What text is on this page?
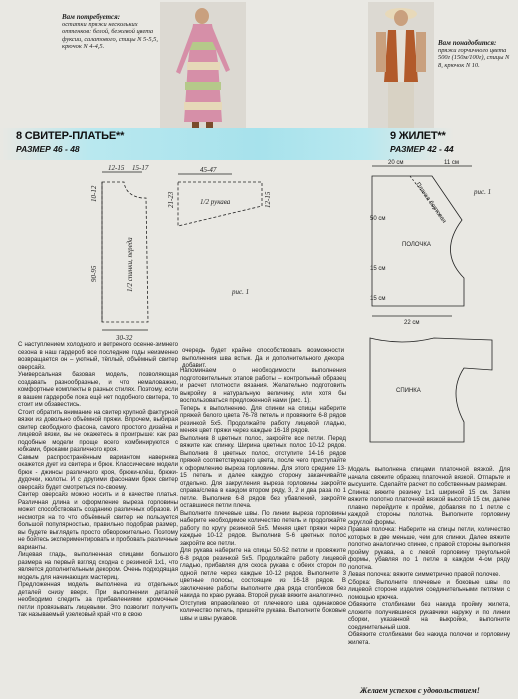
Вам потребуется:
остатки пряжи нескольких оттенков: белой, бежевой цвета фуксии, салатового, спицы N 5-5,5, крючок N 4-4,5.	Вам понадобится:
пряжи горчичного цвета 500г (150м/100г), спицы N 8, крючок N 10.
8 СВИТЕР-ПЛАТЬЕ**
РАЗМЕР 46 - 48
9 ЖИЛЕТ**
РАЗМЕР 42 - 44
12-15 15-17
10-12
90-95
30-32
21-23
45-47
12-15
1/2 спинки, переда
1/2 рукава
рис. 1
20 см	11 см
50 см
15 см
15 см
22 см
ПОЛОЧКА
Планка бортовая	рис. 1
СПИНКА

С наступлением холодного и ветреного осенне-зимнего сезона в наш гардероб все последние годы неизменно возвращается он – уютный, тёплый, объёмный свитер оверсайз.

Универсальная базовая модель, позволяющая создавать разнообразные, и что немаловажно, комфортные комплекты в разных стилях. Поэтому, если в вашем гардеробе пока ещё нет подобного свитера, то стоит им обзавестись.

Стоит обратить внимание на свитер крупной фактурной вязки из довольно объёмной пряжи. Впрочем, выбирая свитер свободного фасона, самого простого дизайна и лицевой вязки, вы не окажетесь в проигрыше: как раз подобные модели проще всего комбинируются с юбками, брюками различного кроя.

Самым распространённым вариантом наверняка окажется дует из свитера и брюк. Классические модели брюк - джинсы различного кроя, брюки-клёш, брюки-дудочки, кюлоты. И с другими фасонами брюк свитер оверсайз будет смотреться по-своему.

Свитер оверсайз можно носить и в качестве платья. Различная длина и оформление выреза горловины может способствовать созданию различных образов. И несмотря на то что объёмный свитер не пользуется большой популярностью, правильно подобрав размер, вы будете выглядеть просто обворожительно. Поэтому не бойтесь экспериментировать и пробовать различные варианты.

Лицевая гладь, выполненная спицами большого размера на первый взгляд сходна с резинкой 1х1, что является дополнительным декором. Очень подходящая модель для начинающих мастериц.

Предложенная модель выполнена из отдельных деталей снизу вверх. При выполнении деталей необходимо следить за прибавлениями кромочные петли провязывать лицевыми. Это позволит получить так называемый узелковый край что в свою

очередь будет крайне способствовать возможности выполнения шва встык. Да и дополнительного декора добавит.

Напоминаем о необходимости выполнения подготовительных этапов работы – контрольный образец и расчет плотности вязания. Желательно подготовить выкройку в натуральную величину, или хотя бы воспользоваться предложенной нами (рис. 1).

Теперь к выполнению. Для спинки на спицы наберите пряжей белого цвета 76-78 петель и провяжите 6-8 рядов резинкой 5х5. Продолжайте работу лицевой гладью, меняя цвет пряжи через каждые 16-18 рядов.

Выполнив 8 цветных полос, закройте все петли. Перед вяжите как спинку. Ширина цветных полос 10-12 рядов. Выполнив 8 цветных полос, отступите 14-16 рядов пряжей соответствующего цвета, после чего приступайте к оформлению выреза горловины. Для этого средние 13-15 петель и далее каждую сторону заканчивайте отдельно. Для закругления выреза горловины закройте справа/слева в каждом втором ряду, 3, 2 и два раза по 1 петле. Выполнив 6-8 рядов без убавлений, закройте оставшиеся петли плеча.

Выполните плечевые швы. По линии выреза горловины наберите необходимое количество петель и продолжайте работу по кругу резинкой 5х5. Меняя цвет пряжи через каждые 10-12 рядов. Выполнив 5-6 цветных полос закройте все петли.

Для рукава наберите на спицы 50-52 петли и провяжите 6-8 рядов резинкой 5х5. Продолжайте работу лицевой гладью, прибавляя для скоса рукава с обеих сторон по одной петле через каждые 10-12 рядов. Выполните 3 цветные полосы, состоящие из 16-18 рядов. В заключение работы выполните два ряда столбиков без накида по краю рукава. Второй рукав вяжите аналогично.

Отступив вправо/влево от плечевого шва одинаковое количество петель, пришейте рукава. Выполните боковые швы и швы рукавов.

Модель выполнена спицами платочной вязкой. Для начала свяжите образец платочной вязкой. Отпарьте и высушите. Сделайте расчет по собственным размерам.

Спинка: вяжите резинку 1х1 шириной 15 см. Затем вяжите полотно платочной вязкой высотой 15 см, далее плавно перейдите к пройме, добавляя по 1 петле с каждой стороны полотна. Выполните горловину скруглой формы.

Правая полочка: Наберите на спицы петли, количество которых в две меньше, чем для спинки. Далее вяжите полотно аналогично спинке, с правой стороны выполняя пройму рукава, а с левой горловину треугольной формы, убавляя по 1 петле в каждом 4-ом ряду полотна.

Левая полочка: вяжите симметрично правой полочке.

Сборка: Выполните плечевые и боковые швы по лицевой стороне изделия соединительными петлями с помощью крючка.

Обвяжите столбиками без накида пройму жилета, сложите получившиеся рукавчики наружу и по линии сборки, указанной на выкройке, выполните соединительный шов.

Обвяжите столбиками без накида полочки и горловину жилета.

Желаем успехов с удовольствием!
